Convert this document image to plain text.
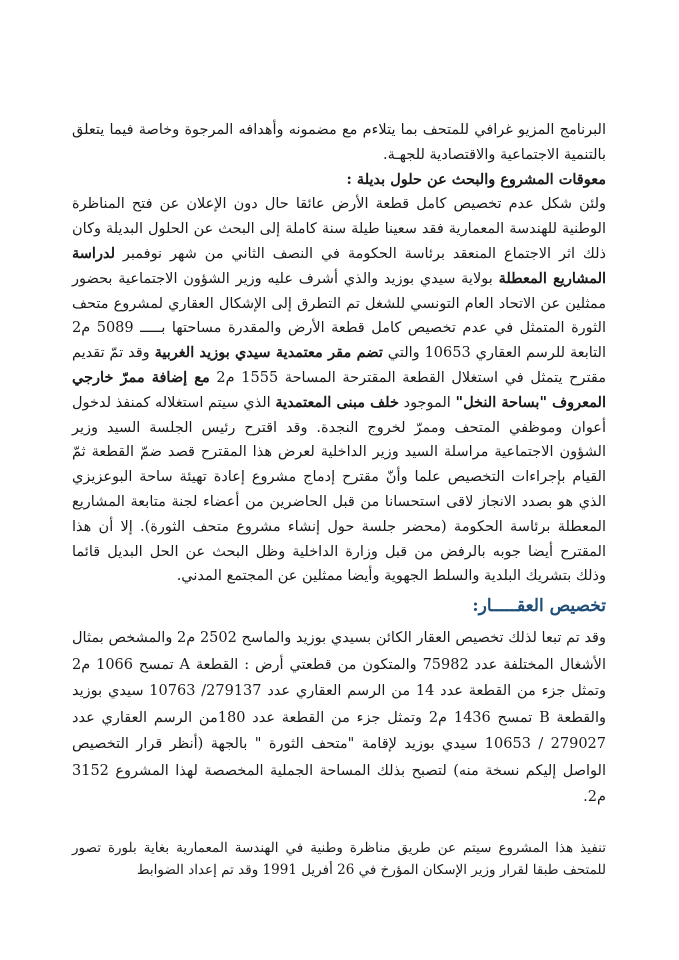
البرنامج المزيو غرافي للمتحف بما يتلاءم مع مضمونه وأهدافه المرجوة وخاصة فيما يتعلق بالتنمية الاجتماعية والاقتصادية للجهـة.

معوقات المشروع والبحث عن حلول بديلة :

ولئن شكل عدم تخصيص كامل قطعة الأرض عائقا حال دون الإعلان عن فتح المناظرة الوطنية للهندسة المعمارية فقد سعينا طيلة سنة كاملة إلى البحث عن الحلول البديلة وكان ذلك اثر الاجتماع المنعقد برئاسة الحكومة في النصف الثاني من شهر نوفمبر لدراسة المشاريع المعطلة بولاية سيدي بوزيد والذي أشرف عليه وزير الشؤون الاجتماعية بحضور ممثلين عن الاتحاد العام التونسي للشغل تم التطرق إلى الإشكال العقاري لمشروع متحف الثورة المتمثل في عدم تخصيص كامل قطعة الأرض والمقدرة مساحتها بـــــ 5089 م2 التابعة للرسم العقاري 10653 والتي تضم مقر معتمدية سيدي بوزيد الغربية وقد تمّ تقديم مقترح يتمثل في استغلال القطعة المقترحة المساحة 1555 م2 مع إضافة ممرّ خارجي المعروف "بساحة النخل" الموجود خلف مبنى المعتمدية الذي سيتم استغلاله كمنفذ لدخول أعوان وموظفي المتحف وممرّ لخروج النجدة. وقد اقترح رئيس الجلسة السيد وزير الشؤون الاجتماعية مراسلة السيد وزير الداخلية لعرض هذا المقترح قصد ضمّ القطعة ثمّ القيام بإجراءات التخصيص علما وأنّ مقترح إدماج مشروع إعادة تهيئة ساحة البوعزيزي الذي هو بصدد الانجاز لاقى استحسانا من قبل الحاضرين من أعضاء لجنة متابعة المشاريع المعطلة برئاسة الحكومة (محضر جلسة حول إنشاء مشروع متحف الثورة). إلا أن هذا المقترح أيضا جوبه بالرفض من قبل وزارة الداخلية وظل البحث عن الحل البديل قائما وذلك بتشريك البلدية والسلط الجهوية وأيضا ممثلين عن المجتمع المدني.

تخصيص العقـــــار:

وقد تم تبعا لذلك تخصيص العقار الكائن بسيدي بوزيد والماسح 2502 م2 والمشخص بمثال الأشغال المختلفة عدد 75982 والمتكون من قطعتي أرض : القطعة A تمسح 1066 م2 وتمثل جزء من القطعة عدد 14 من الرسم العقاري عدد 279137/ 10763 سيدي بوزيد والقطعة B تمسح 1436 م2 وتمثل جزء من القطعة عدد 180من الرسم العقاري عدد 279027 / 10653 سيدي بوزيد لإقامة "متحف الثورة " بالجهة (أنظر قرار التخصيص الواصل إليكم نسخة منه) لتصبح بذلك المساحة الجملية المخصصة لهذا المشروع 3152 م2.

تنفيذ هذا المشروع سيتم عن طريق مناظرة وطنية في الهندسة المعمارية بغاية بلورة تصور للمتحف طبقا لقرار وزير الإسكان المؤرخ في 26 أفريل 1991 وقد تم إعداد الضوابط
